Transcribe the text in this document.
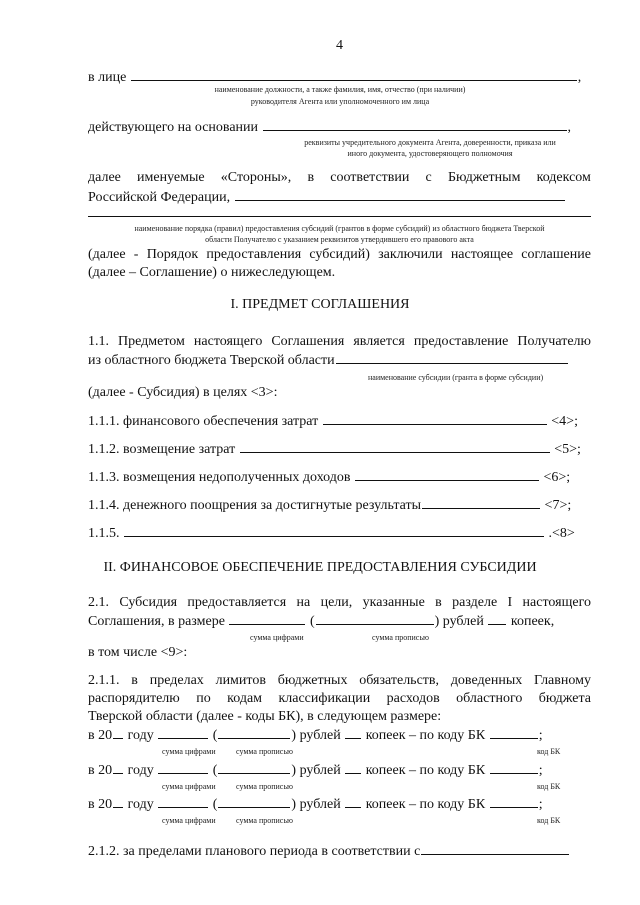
4
в лице	,
наименование должности, а также фамилия, имя, отчество (при наличии)
руководителя Агента или уполномоченного им лица
действующего на основании	,
реквизиты учредительного документа Агента, доверенности, приказа или
иного документа, удостоверяющего полномочия
далее именуемые «Стороны», в соответствии с Бюджетным кодексом
Российской Федерации,
наименование порядка (правил) предоставления субсидий (грантов в форме субсидий) из областного бюджета Тверской
области Получателю с указанием реквизитов утвердившего его правового акта
(далее - Порядок предоставления субсидий) заключили настоящее соглашение
(далее – Соглашение) о нижеследующем.
I. ПРЕДМЕТ СОГЛАШЕНИЯ
1.1. Предметом настоящего Соглашения является предоставление Получателю
из областного бюджета Тверской области
наименование субсидии (гранта в форме субсидии)
(далее - Субсидия) в целях <3>:
1.1.1. финансового обеспечения затрат	<4>;
1.1.2. возмещение затрат	<5>;
1.1.3. возмещения недополученных доходов	<6>;
1.1.4. денежного поощрения за достигнутые результаты	<7>;
1.1.5.	.<8>
II. ФИНАНСОВОЕ ОБЕСПЕЧЕНИЕ ПРЕДОСТАВЛЕНИЯ СУБСИДИИ
2.1. Субсидия предоставляется на цели, указанные в разделе I настоящего
Соглашения, в размере	(	) рублей копеек,
сумма цифрами	сумма прописью
в том числе <9>:
2.1.1. в пределах лимитов бюджетных обязательств, доведенных Главному
распорядителю по кодам классификации расходов областного бюджета
Тверской области (далее - коды БК), в следующем размере:
в 20 году	(	) рублей копеек – по коду БК	;
сумма цифрами	сумма прописью	код БК
в 20 году	(	) рублей копеек – по коду БК	;
сумма цифрами	сумма прописью	код БК
в 20 году	(	) рублей копеек – по коду БК	;
сумма цифрами	сумма прописью	код БК
2.1.2. за пределами планового периода в соответствии с
